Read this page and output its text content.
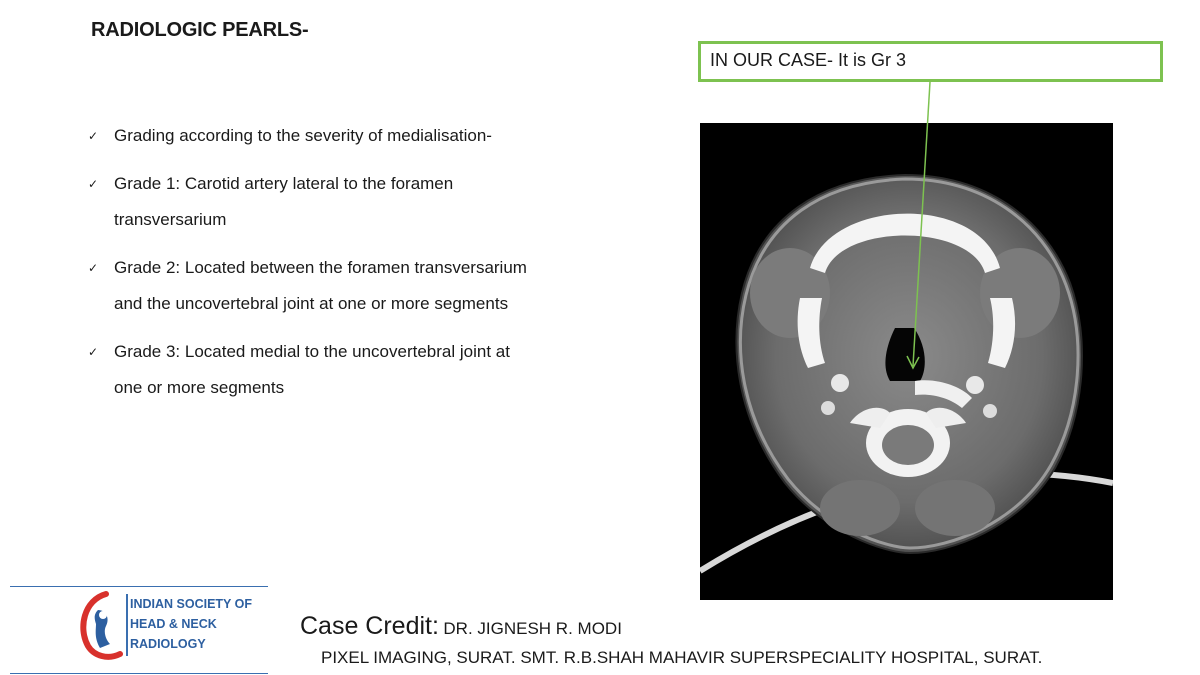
RADIOLOGIC PEARLS-
✓ Grading according to the severity of medialisation-
✓ Grade 1: Carotid artery lateral to the foramen
transversarium
✓ Grade 2: Located between the foramen transversarium
and the uncovertebral joint at one or more segments
✓ Grade 3: Located medial to the uncovertebral joint at
one or more segments
IN OUR CASE- It is Gr 3
INDIAN SOCIETY OF
HEAD & NECK
RADIOLOGY
Case Credit: DR. JIGNESH R. MODI
PIXEL IMAGING, SURAT. SMT. R.B.SHAH MAHAVIR SUPERSPECIALITY HOSPITAL, SURAT.
